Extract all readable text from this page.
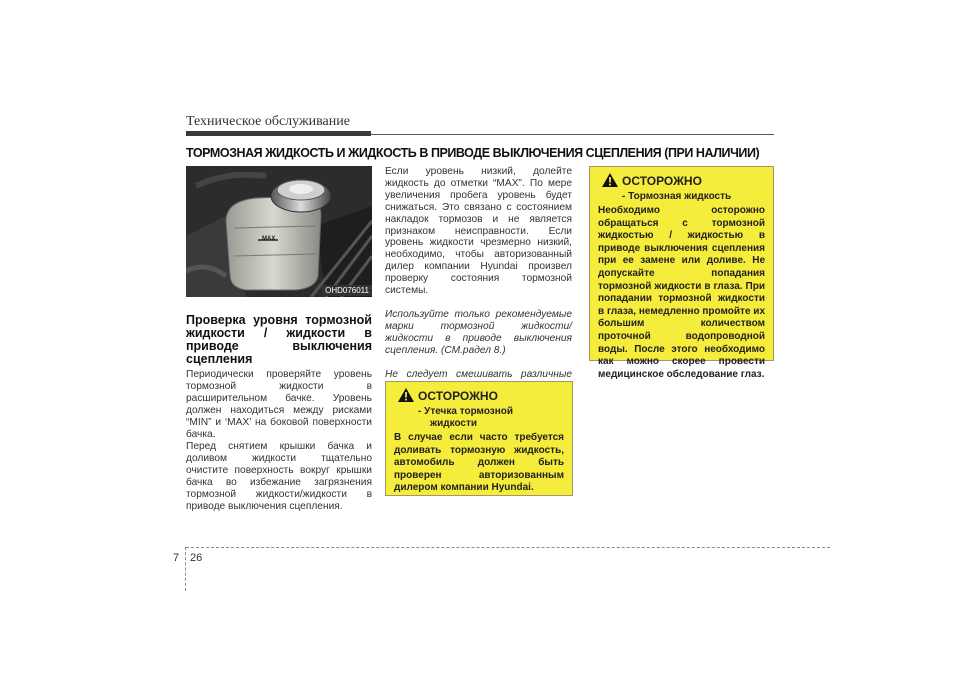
Техническое обслуживание
ТОРМОЗНАЯ ЖИДКОСТЬ И ЖИДКОСТЬ В ПРИВОДЕ ВЫКЛЮЧЕНИЯ СЦЕПЛЕНИЯ (ПРИ НАЛИЧИИ)
MAX
OHD076011

Проверка уровня тормозной жидкости / жидкости в приводе выключения сцепления

Периодически проверяйте уровень тормозной жидкости в расширительном бачке. Уровень должен находиться между рисками “MIN” и ‘MAX’ на боковой поверхности бачка.

Перед снятием крышки бачка и доливом жидкости тщательно очистите поверхность вокруг крышки бачка во избежание загрязнения тормозной жидкости/жидкости в приводе выключения сцепления.

Если уровень низкий, долейте жидкость до отметки “MAX”. По мере увеличения пробега уровень будет снижаться. Это связано с состоянием накладок тормозов и не является признаком неисправности. Если уровень жидкости чрезмерно низкий, необходимо, чтобы авторизованный дилер компании Hyundai произвел проверку состояния тормозной системы.

Используйте только рекомендуемые марки тормозной жидкости/ жидкости в приводе выключения сцепления. (СМ.радел 8.)

Не следует смешивать различные

ОСТОРОЖНО
- Утечка тормозной
жидкости
В случае если часто требуется доливать тормозную жидкость, автомобиль должен быть проверен авторизованным дилером компании Hyundai.
ОСТОРОЖНО
- Тормозная жидкость
Необходимо осторожно обращаться с тормозной жидкостью / жидкостью в приводе выключения сцепления при ее замене или доливе. Не допускайте попадания тормозной жидкости в глаза. При попадании тормозной жидкости в глаза, немедленно промойте их большим количеством проточной водопроводной воды. После этого необходимо как можно скорее провести медицинское обследование глаз.
7 26
